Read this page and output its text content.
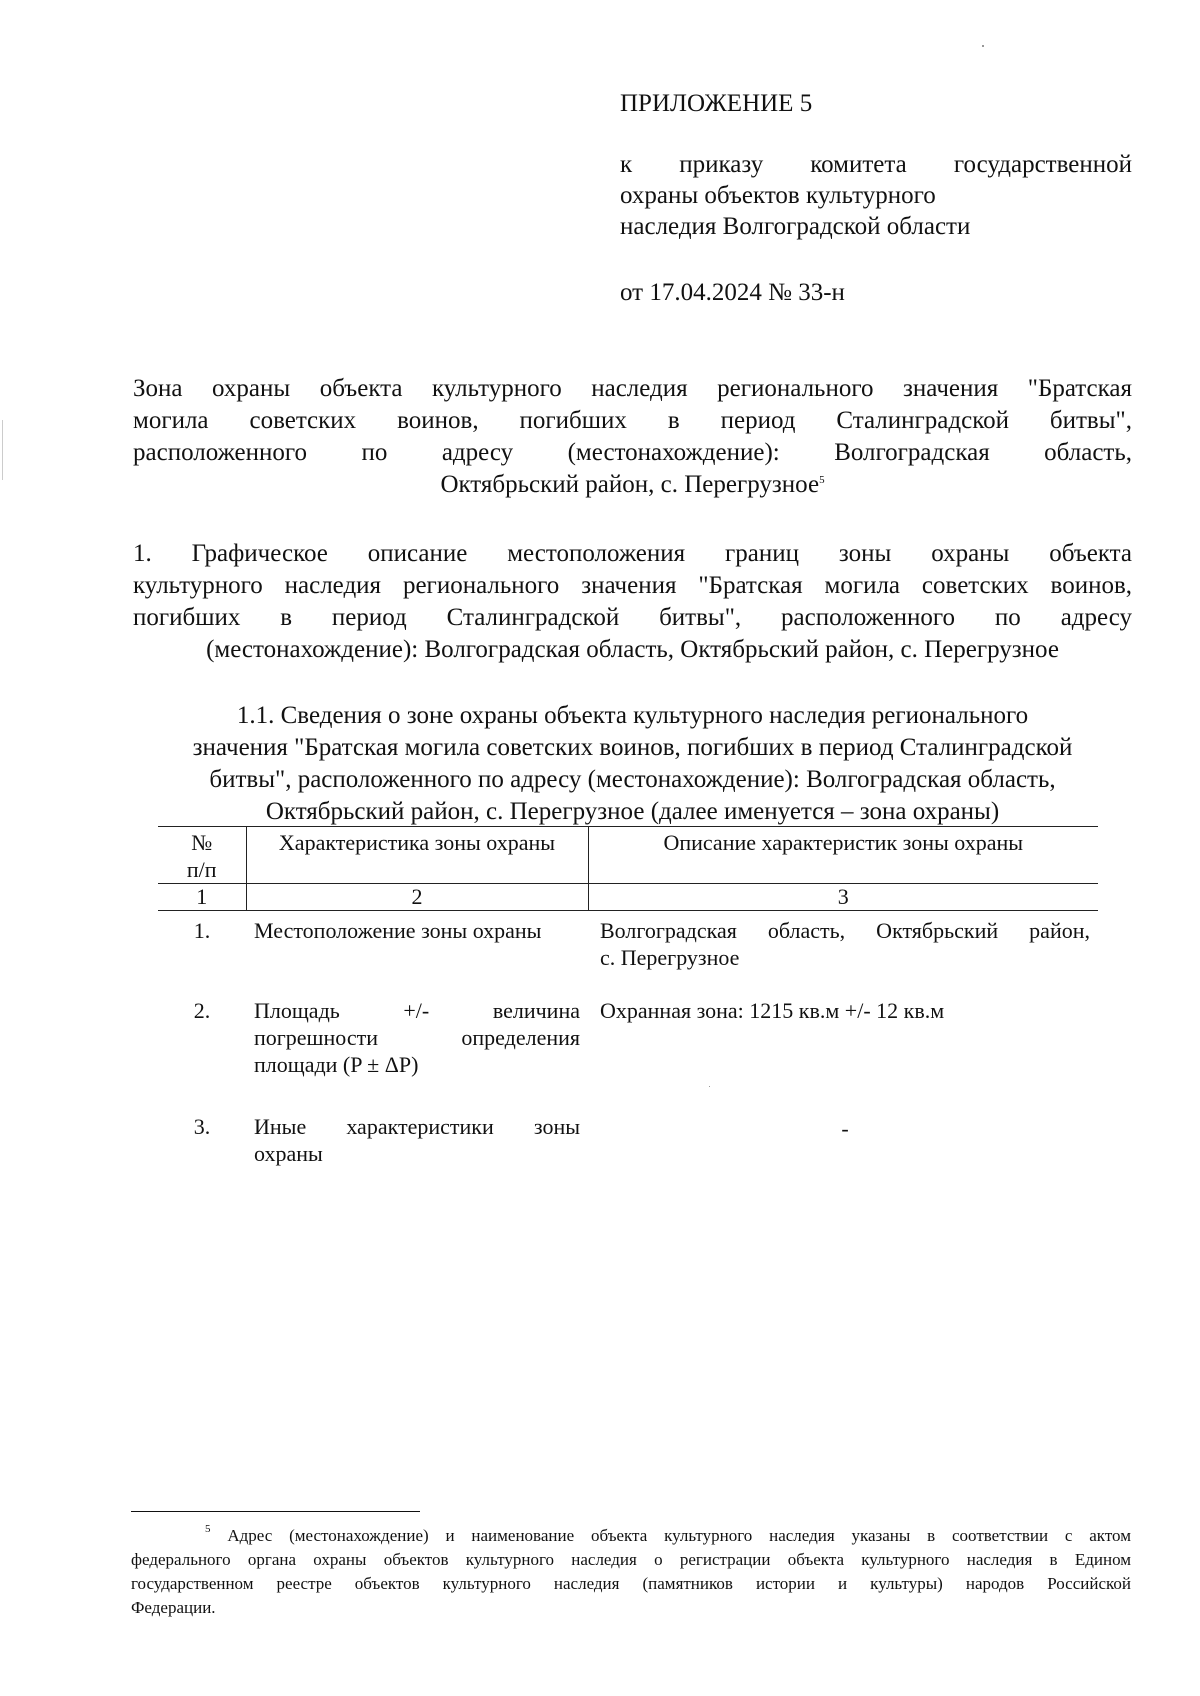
ПРИЛОЖЕНИЕ 5
к приказу комитета государственной
охраны объектов культурного
наследия Волгоградской области
от 17.04.2024 № 33-н
Зона охраны объекта культурного наследия регионального значения "Братская
могила советских воинов, погибших в период Сталинградской битвы",
расположенного по адресу (местонахождение): Волгоградская область,
Октябрьский район, с. Перегрузное$^5$
1. Графическое описание местоположения границ зоны охраны объекта
культурного наследия регионального значения "Братская могила советских воинов,
погибших в период Сталинградской битвы", расположенного по адресу
(местонахождение): Волгоградская область, Октябрьский район, с. Перегрузное
1.1. Сведения о зоне охраны объекта культурного наследия регионального
значения "Братская могила советских воинов, погибших в период Сталинградской
битвы", расположенного по адресу (местонахождение): Волгоградская область,
Октябрьский район, с. Перегрузное (далее именуется – зона охраны)
№
п/п	Характеристика зоны охраны	Описание характеристик зоны охраны
1	2	3
1.	Местоположение зоны охраны	Волгоградская область, Октябрьский район,
с. Перегрузное

2.	Площадь +/- величина
погрешности определения
площади (P ± ΔP)	Охранная зона: 1215 кв.м +/- 12 кв.м

3.	Иные характеристики зоны
охраны	-
$^5$ Адрес (местонахождение) и наименование объекта культурного наследия указаны в соответствии с актом
федерального органа охраны объектов культурного наследия о регистрации объекта культурного наследия в Едином
государственном реестре объектов культурного наследия (памятников истории и культуры) народов Российской
Федерации.
